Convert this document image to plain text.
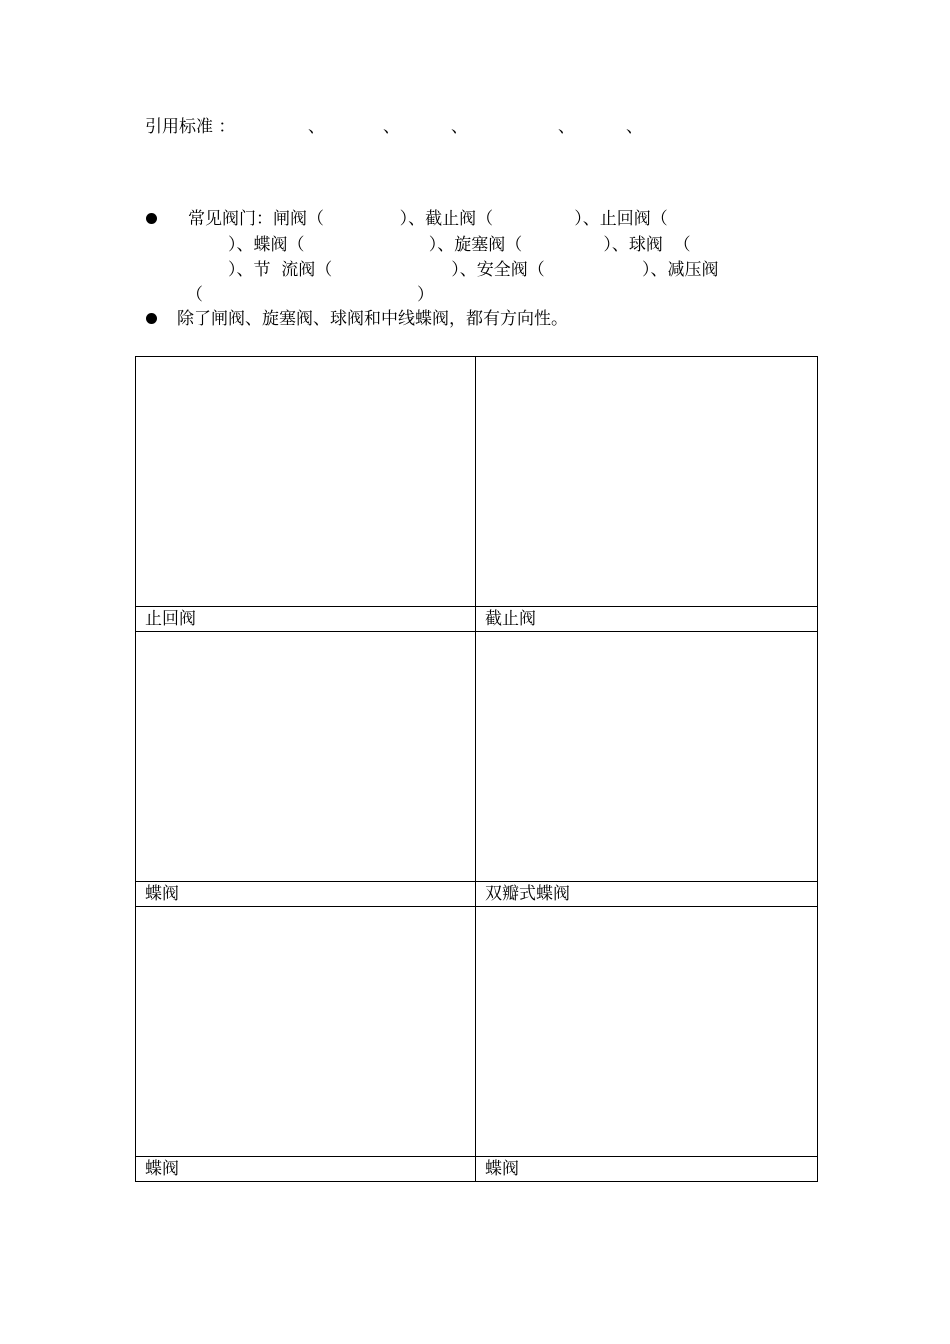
引用标准 ：	、	、	、	、	、
常见阀门：闸阀（              ）、截止阀（               ）、止回阀（
）、蝶阀（                       ）、旋塞阀（               ）、球阀  （
）、节  流阀（                      ）、安全阀（                  ）、减压阀
（	）
除了闸阀、旋塞阀、球阀和中线蝶阀，都有方向性。

止回阀	截止阀

蝶阀	双瓣式蝶阀

蝶阀	蝶阀
